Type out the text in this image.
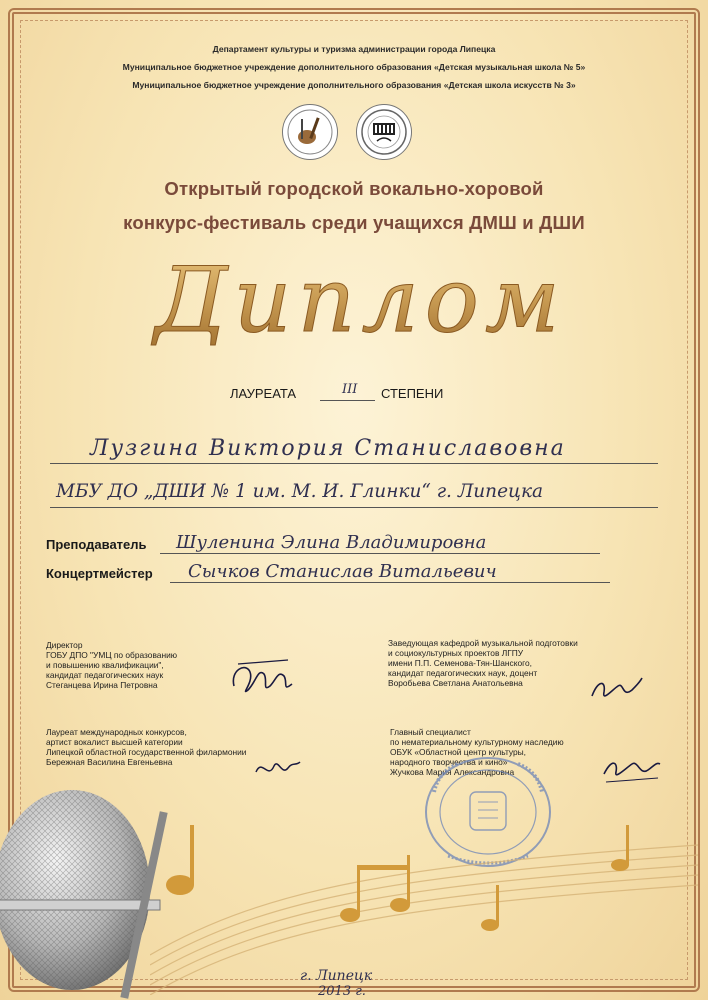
Департамент культуры и туризма администрации города Липецка
Муниципальное бюджетное учреждение дополнительного образования «Детская музыкальная школа № 5»
Муниципальное бюджетное учреждение дополнительного образования «Детская школа искусств № 3»
Открытый городской вокально-хоровой
конкурс-фестиваль среди учащихся ДМШ и ДШИ
Диплом
ЛАУРЕАТА	III СТЕПЕНИ
Лузгина Виктория Станиславовна
МБУ ДО „ДШИ № 1 им. М. И. Глинки“ г. Липецка
Преподаватель Шуленина Элина Владимировна
Концертмейстер Сычков Станислав Витальевич
Директор
ГОБУ ДПО "УМЦ по образованию
и повышению квалификации",
кандидат педагогических наук
Стеганцева Ирина Петровна
Заведующая кафедрой музыкальной подготовки
и социокультурных проектов ЛГПУ
имени П.П. Семенова-Тян-Шанского,
кандидат педагогических наук, доцент
Воробьева Светлана Анатольевна
Лауреат международных конкурсов,
артист вокалист высшей категории
Липецкой областной государственной филармонии
Бережная Василина Евгеньевна
Главный специалист
по нематериальному культурному наследию
ОБУК «Областной центр культуры,
народного творчества и кино»
Жучкова Мария Александровна
г. Липецк
2013 г.
